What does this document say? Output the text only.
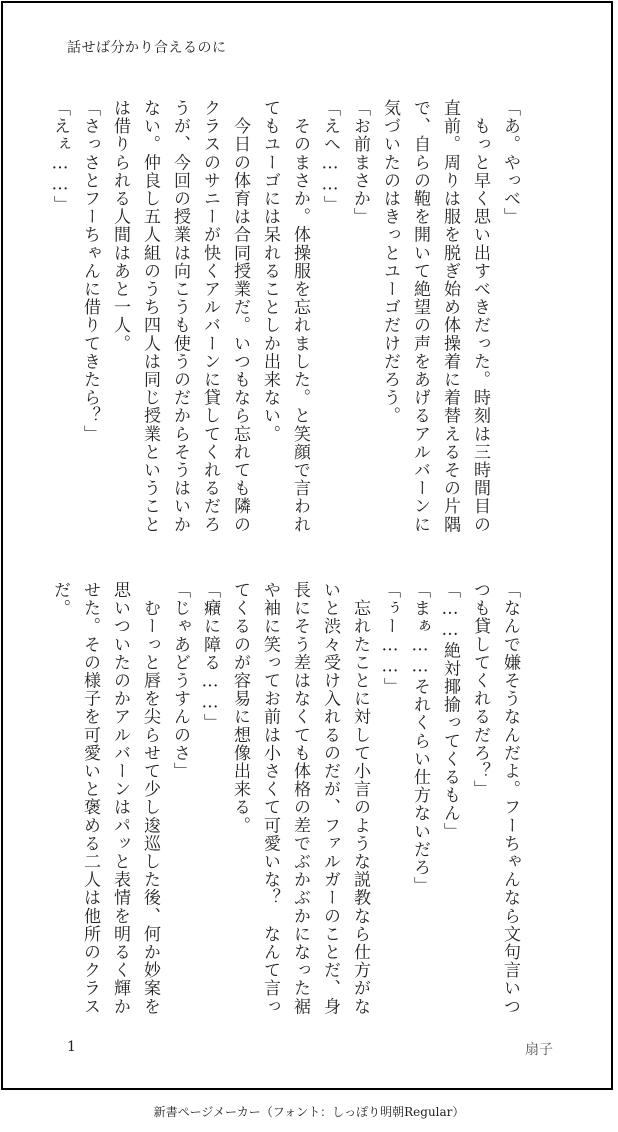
話せば分かり合えるのに
「あ。やっべ」
　もっと早く思い出すべきだった。時刻は三時間目の
直前。周りは服を脱ぎ始め体操着に着替えるその片隅
で、自らの鞄を開いて絶望の声をあげるアルバーンに
気づいたのはきっとユーゴだけだろう。
「お前まさか」
「えへ……」
　そのまさか。体操服を忘れました。と笑顔で言われ
てもユーゴには呆れることしか出来ない。
　今日の体育は合同授業だ。いつもなら忘れても隣の
クラスのサニーが快くアルバーンに貸してくれるだろ
うが、今回の授業は向こうも使うのだからそうはいか
ない。仲良し五人組のうち四人は同じ授業ということ
は借りられる人間はあと一人。
「さっさとフーちゃんに借りてきたら？」
「えぇ……」
「なんで嫌そうなんだよ。フーちゃんなら文句言いつ
つも貸してくれるだろ？」
「……絶対揶揄ってくるもん」
「まぁ……それくらい仕方ないだろ」
「ぅー……」
　忘れたことに対して小言のような説教なら仕方がな
いと渋々受け入れるのだが、ファルガーのことだ、身
長にそう差はなくても体格の差でぶかぶかになった裾
や袖に笑ってお前は小さくて可愛いな？　なんて言っ
てくるのが容易に想像出来る。
「癪に障る……」
「じゃあどうすんのさ」
　むーっと唇を尖らせて少し逡巡した後、何か妙案を
思いついたのかアルバーンはパッと表情を明るく輝か
せた。その様子を可愛いと褒める二人は他所のクラス
だ。
1	扇子
新書ページメーカー（フォント：しっぽり明朝Regular）
